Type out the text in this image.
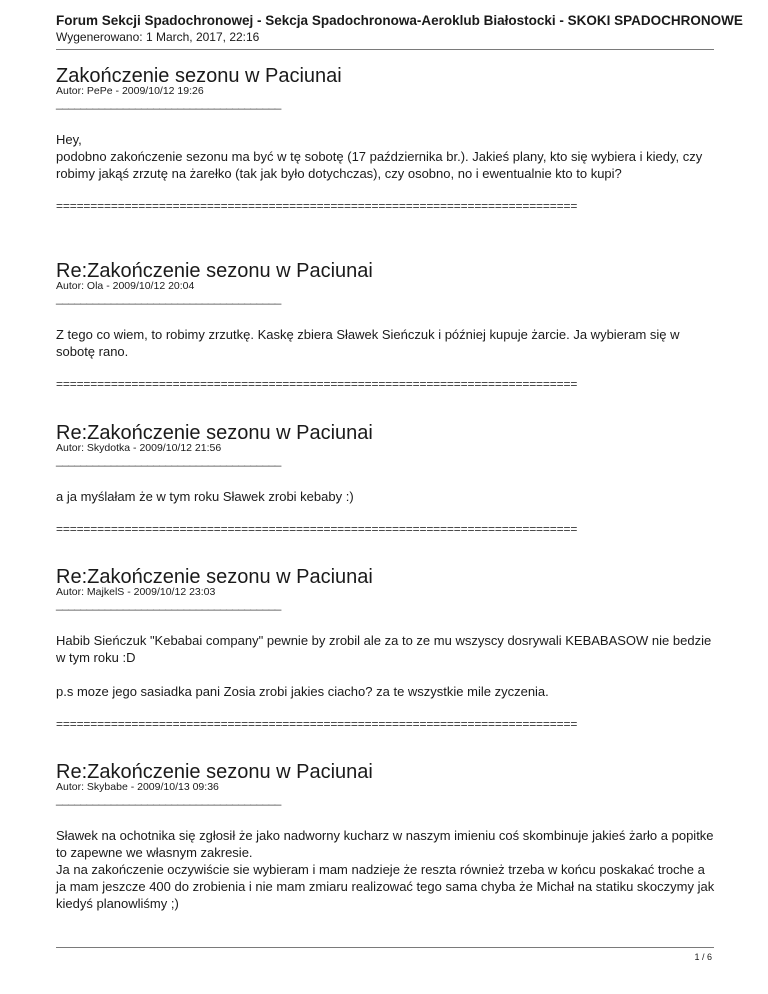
Forum Sekcji Spadochronowej - Sekcja Spadochronowa-Aeroklub Białostocki - SKOKI SPADOCHRONOWE
Wygenerowano: 1 March, 2017, 22:16
Zakończenie sezonu w Paciunai
Autor: PePe - 2009/10/12 19:26
_____________________________________

Hey,
podobno zakończenie sezonu ma być w tę sobotę (17 października br.). Jakieś plany, kto się wybiera i kiedy, czy robimy jakąś zrzutę na żarełko (tak jak było dotychczas), czy osobno, no i ewentualnie kto to kupi?

============================================================================
Re:Zakończenie sezonu w Paciunai
Autor: Ola - 2009/10/12 20:04
_____________________________________

Z tego co wiem, to robimy zrzutkę. Kaskę zbiera Sławek Sieńczuk i później kupuje żarcie. Ja wybieram się w sobotę rano.

============================================================================
Re:Zakończenie sezonu w Paciunai
Autor: Skydotka - 2009/10/12 21:56
_____________________________________

a ja myślałam że w tym roku Sławek zrobi kebaby :)

============================================================================
Re:Zakończenie sezonu w Paciunai
Autor: MajkelS - 2009/10/12 23:03
_____________________________________

Habib Sieńczuk "Kebabai company" pewnie by zrobil ale za to ze mu wszyscy dosrywali KEBABASOW nie bedzie w tym roku :D

p.s moze jego sasiadka pani Zosia zrobi jakies ciacho? za te wszystkie mile zyczenia.

============================================================================
Re:Zakończenie sezonu w Paciunai
Autor: Skybabe - 2009/10/13 09:36
_____________________________________

Sławek na ochotnika się zgłosił że jako nadworny kucharz w naszym imieniu coś skombinuje jakieś żarło a popitke to zapewne we własnym zakresie.
Ja na zakończenie oczywiście sie wybieram i mam nadzieje że reszta również trzeba w końcu poskakać troche a ja mam jeszcze 400 do zrobienia i nie mam zmiaru realizować tego sama chyba że Michał na statiku skoczymy jak kiedyś planowliśmy ;)

1 / 6
